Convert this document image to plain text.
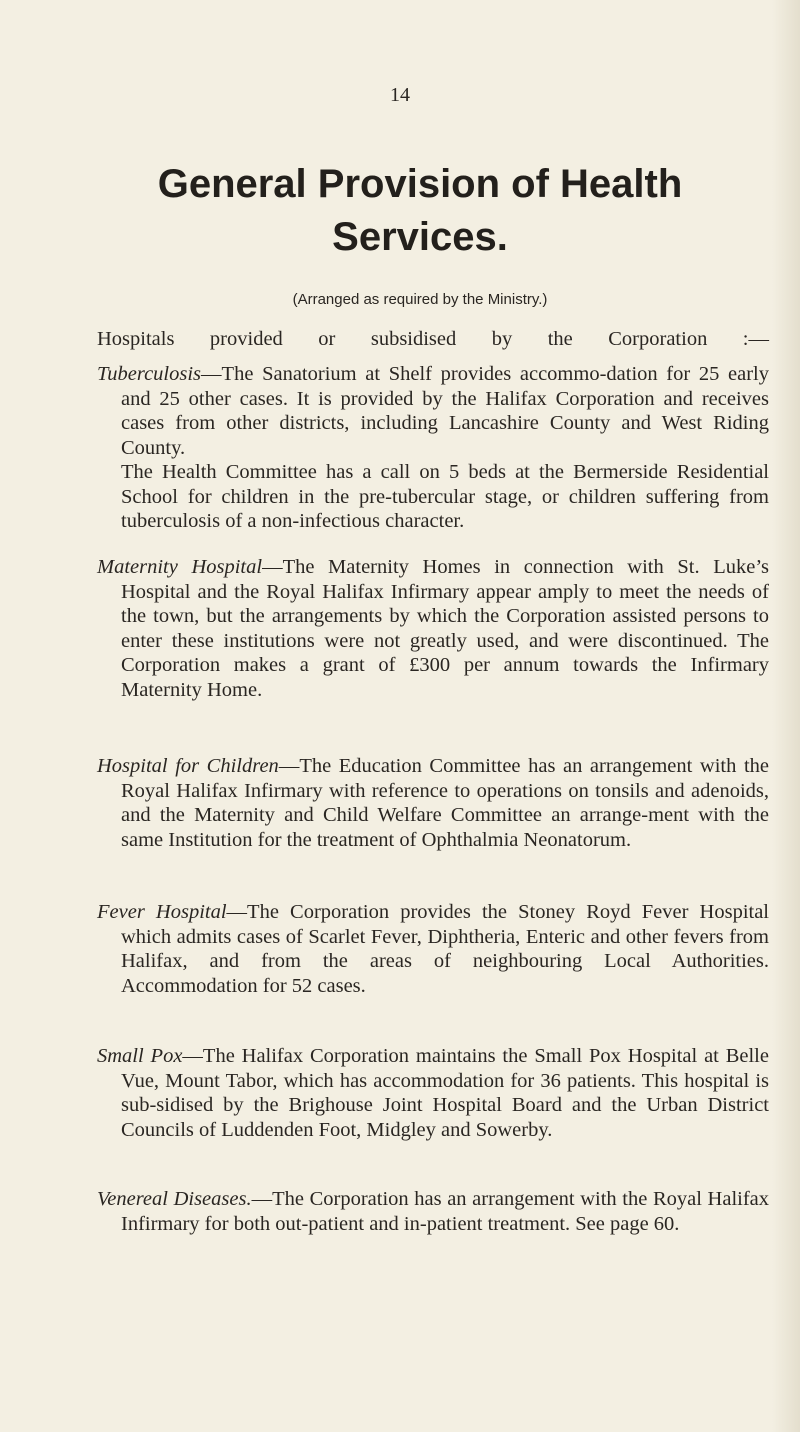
14
General Provision of Health Services.
(Arranged as required by the Ministry.)
Hospitals provided or subsidised by the Corporation :—

Tuberculosis—The Sanatorium at Shelf provides accommo-dation for 25 early and 25 other cases. It is provided by the Halifax Corporation and receives cases from other districts, including Lancashire County and West Riding County.

The Health Committee has a call on 5 beds at the Bermerside Residential School for children in the pre-tubercular stage, or children suffering from tuberculosis of a non-infectious character.

Maternity Hospital—The Maternity Homes in connection with St. Luke’s Hospital and the Royal Halifax Infirmary appear amply to meet the needs of the town, but the arrangements by which the Corporation assisted persons to enter these institutions were not greatly used, and were discontinued. The Corporation makes a grant of £300 per annum towards the Infirmary Maternity Home.

Hospital for Children—The Education Committee has an arrangement with the Royal Halifax Infirmary with reference to operations on tonsils and adenoids, and the Maternity and Child Welfare Committee an arrange-ment with the same Institution for the treatment of Ophthalmia Neonatorum.

Fever Hospital—The Corporation provides the Stoney Royd Fever Hospital which admits cases of Scarlet Fever, Diphtheria, Enteric and other fevers from Halifax, and from the areas of neighbouring Local Authorities. Accommodation for 52 cases.

Small Pox—The Halifax Corporation maintains the Small Pox Hospital at Belle Vue, Mount Tabor, which has accommodation for 36 patients. This hospital is sub-sidised by the Brighouse Joint Hospital Board and the Urban District Councils of Luddenden Foot, Midgley and Sowerby.

Venereal Diseases.—The Corporation has an arrangement with the Royal Halifax Infirmary for both out-patient and in-patient treatment. See page 60.
